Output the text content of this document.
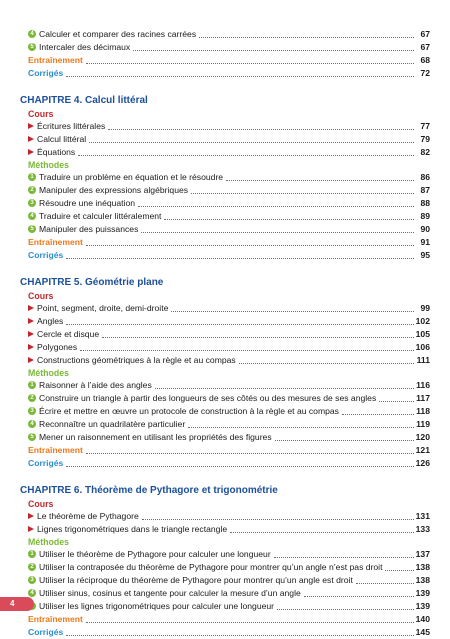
4 Calculer et comparer des racines carrées	67
5 Intercaler des décimaux	67
Entraînement	68
Corrigés	72
CHAPITRE 4. Calcul littéral
Cours
Écritures littérales	77
Calcul littéral	79
Équations	82
Méthodes
1 Traduire un problème en équation et le résoudre	86
2 Manipuler des expressions algébriques	87
3 Résoudre une inéquation	88
4 Traduire et calculer littéralement	89
5 Manipuler des puissances	90
Entraînement	91
Corrigés	95
CHAPITRE 5. Géométrie plane
Cours
Point, segment, droite, demi-droite	99
Angles	102
Cercle et disque	105
Polygones	106
Constructions géométriques à la règle et au compas	111
Méthodes
1 Raisonner à l’aide des angles	116
2 Construire un triangle à partir des longueurs de ses côtés ou des mesures de ses angles	117
3 Écrire et mettre en œuvre un protocole de construction à la règle et au compas	118
4 Reconnaître un quadrilatère particulier	119
5 Mener un raisonnement en utilisant les propriétés des figures	120
Entraînement	121
Corrigés	126
CHAPITRE 6. Théorème de Pythagore et trigonométrie
Cours
Le théorème de Pythagore	131
Lignes trigonométriques dans le triangle rectangle	133
Méthodes
1 Utiliser le théorème de Pythagore pour calculer une longueur	137
2 Utiliser la contraposée du théorème de Pythagore pour montrer qu’un angle n’est pas droit	138
3 Utiliser la réciproque du théorème de Pythagore pour montrer qu’un angle est droit	138
4 Utiliser sinus, cosinus et tangente pour calculer la mesure d’un angle	139
Utiliser les lignes trigonométriques pour calculer une longueur	139
Entraînement	140
Corrigés	145
4
